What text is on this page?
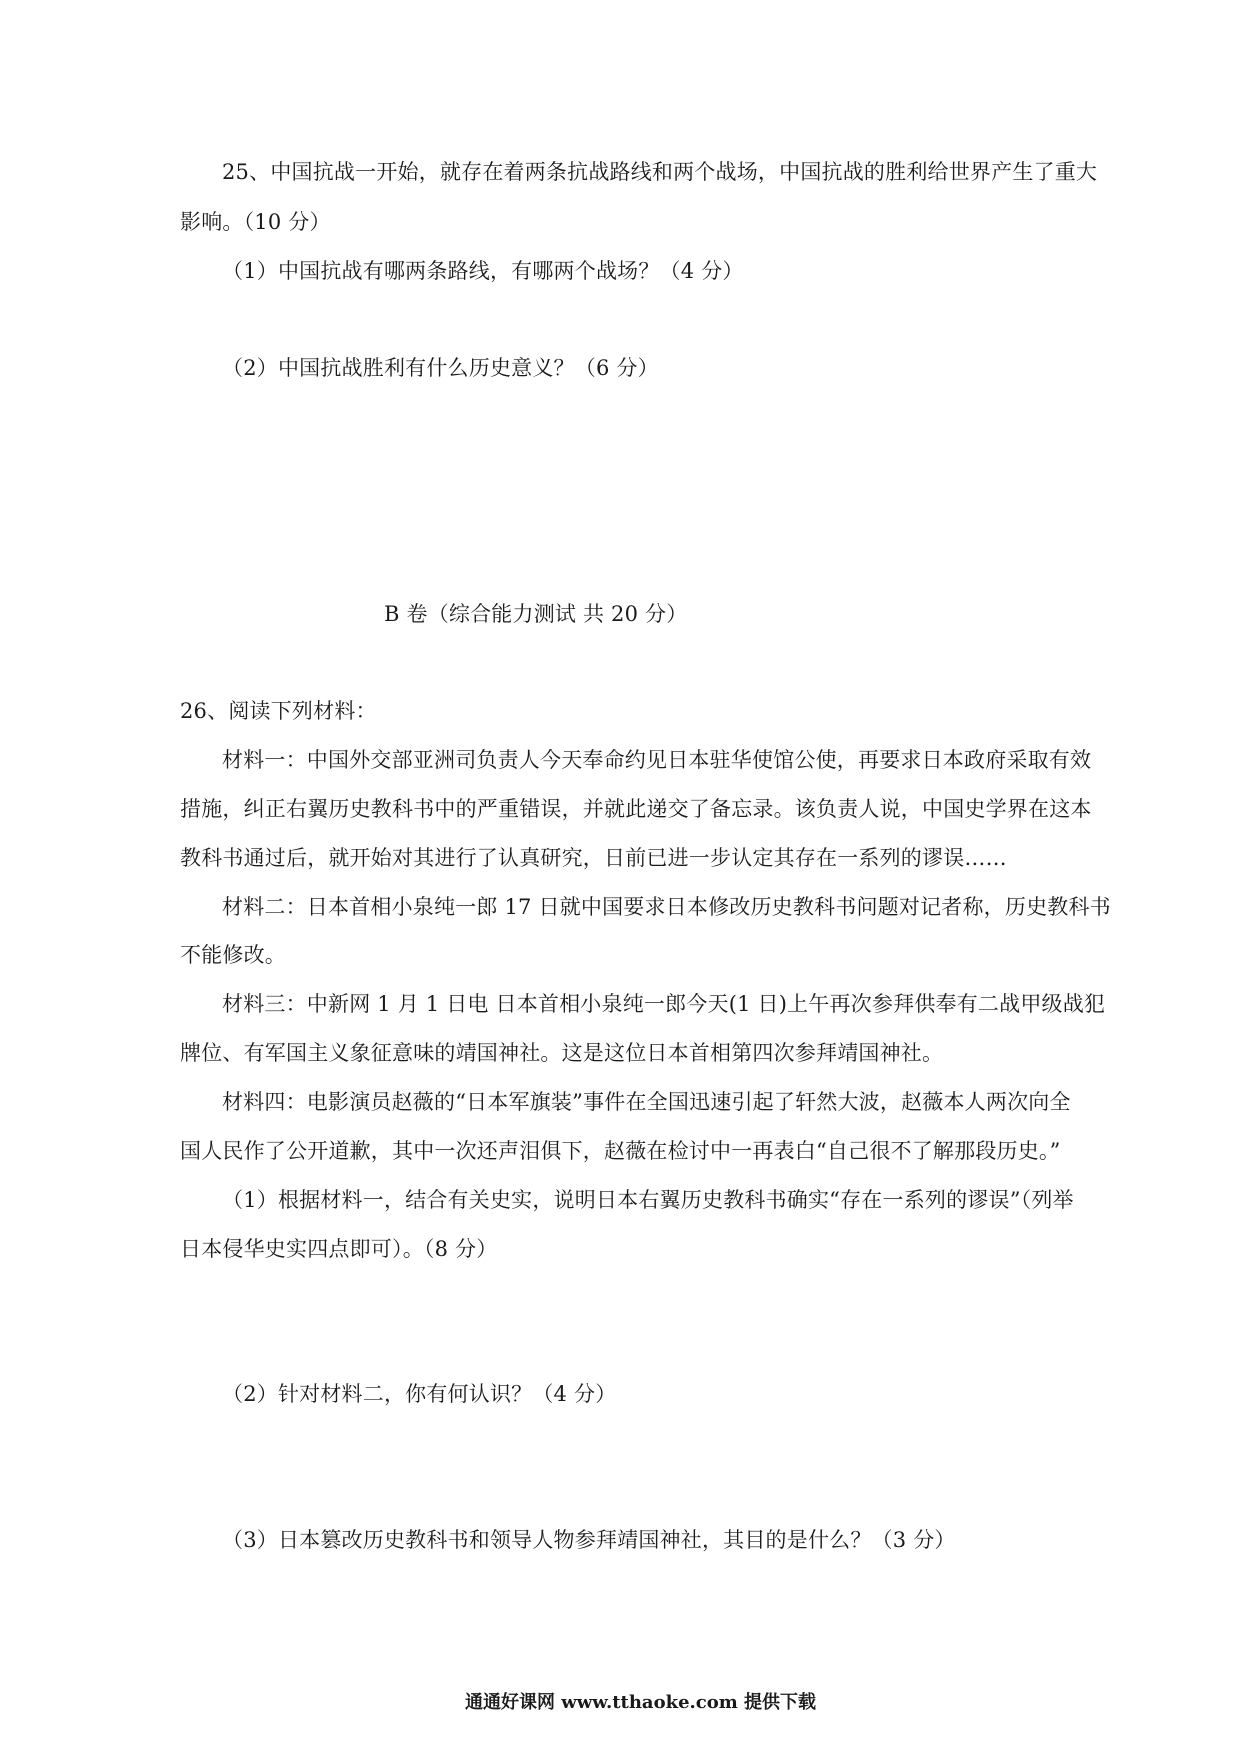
25、中国抗战一开始，就存在着两条抗战路线和两个战场，中国抗战的胜利给世界产生了重大
影响。（10 分）
（1）中国抗战有哪两条路线，有哪两个战场？（4 分）
（2）中国抗战胜利有什么历史意义？（6 分）
B 卷（综合能力测试 共 20 分）
26、阅读下列材料：
材料一：中国外交部亚洲司负责人今天奉命约见日本驻华使馆公使，再要求日本政府采取有效
措施，纠正右翼历史教科书中的严重错误，并就此递交了备忘录。该负责人说，中国史学界在这本
教科书通过后，就开始对其进行了认真研究，日前已进一步认定其存在一系列的谬误……
材料二：日本首相小泉纯一郎 17 日就中国要求日本修改历史教科书问题对记者称，历史教科书
不能修改。
材料三：中新网 1 月 1 日电 日本首相小泉纯一郎今天(1 日)上午再次参拜供奉有二战甲级战犯
牌位、有军国主义象征意味的靖国神社。这是这位日本首相第四次参拜靖国神社。
材料四：电影演员赵薇的“日本军旗装”事件在全国迅速引起了轩然大波，赵薇本人两次向全
国人民作了公开道歉，其中一次还声泪俱下，赵薇在检讨中一再表白“自己很不了解那段历史。”
（1）根据材料一，结合有关史实，说明日本右翼历史教科书确实“存在一系列的谬误”（列举
日本侵华史实四点即可）。（8 分）
（2）针对材料二，你有何认识？（4 分）
（3）日本篡改历史教科书和领导人物参拜靖国神社，其目的是什么？（3 分）
通通好课网 www.tthaoke.com 提供下载
